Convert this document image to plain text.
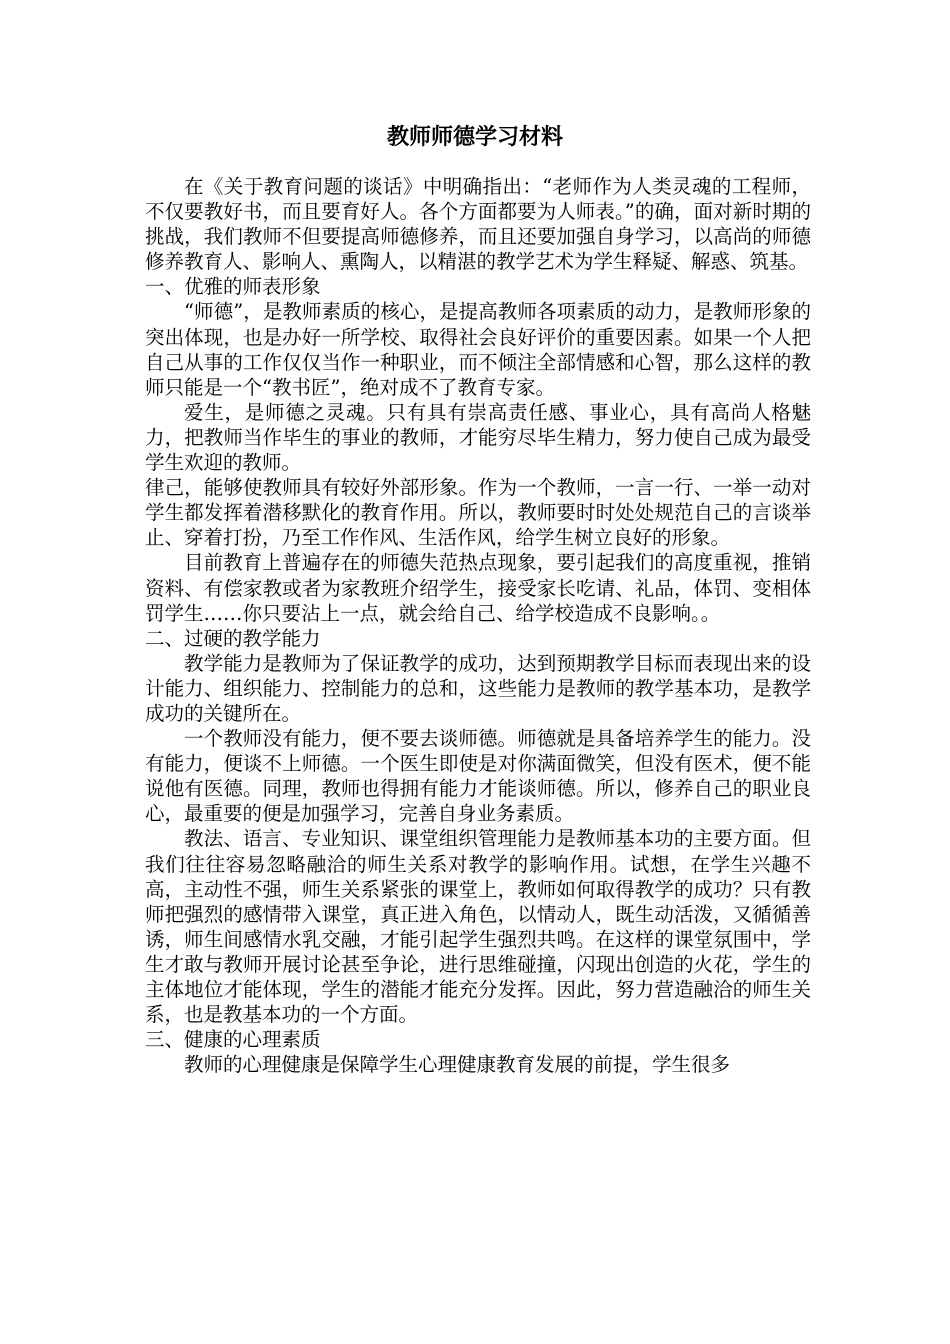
教师师德学习材料

在《关于教育问题的谈话》中明确指出：“老师作为人类灵魂的工程师，不仅要教好书，而且要育好人。各个方面都要为人师表。”的确，面对新时期的挑战，我们教师不但要提高师德修养，而且还要加强自身学习，以高尚的师德修养教育人、影响人、熏陶人，以精湛的教学艺术为学生释疑、解惑、筑基。

一、优雅的师表形象

“师德”，是教师素质的核心，是提高教师各项素质的动力，是教师形象的突出体现，也是办好一所学校、取得社会良好评价的重要因素。如果一个人把自己从事的工作仅仅当作一种职业，而不倾注全部情感和心智，那么这样的教师只能是一个“教书匠”，绝对成不了教育专家。

爱生，是师德之灵魂。只有具有崇高责任感、事业心，具有高尚人格魅力，把教师当作毕生的事业的教师，才能穷尽毕生精力，努力使自己成为最受学生欢迎的教师。

律己，能够使教师具有较好外部形象。作为一个教师，一言一行、一举一动对学生都发挥着潜移默化的教育作用。所以，教师要时时处处规范自己的言谈举止、穿着打扮，乃至工作作风、生活作风，给学生树立良好的形象。

目前教育上普遍存在的师德失范热点现象，要引起我们的高度重视，推销资料、有偿家教或者为家教班介绍学生，接受家长吃请、礼品，体罚、变相体罚学生……你只要沾上一点，就会给自己、给学校造成不良影响。。

二、过硬的教学能力

教学能力是教师为了保证教学的成功，达到预期教学目标而表现出来的设计能力、组织能力、控制能力的总和，这些能力是教师的教学基本功，是教学成功的关键所在。

一个教师没有能力，便不要去谈师德。师德就是具备培养学生的能力。没有能力，便谈不上师德。一个医生即使是对你满面微笑，但没有医术，便不能说他有医德。同理，教师也得拥有能力才能谈师德。所以，修养自己的职业良心，最重要的便是加强学习，完善自身业务素质。

教法、语言、专业知识、课堂组织管理能力是教师基本功的主要方面。但我们往往容易忽略融洽的师生关系对教学的影响作用。试想，在学生兴趣不高，主动性不强，师生关系紧张的课堂上，教师如何取得教学的成功？只有教师把强烈的感情带入课堂，真正进入角色，以情动人，既生动活泼，又循循善诱，师生间感情水乳交融，才能引起学生强烈共鸣。在这样的课堂氛围中，学生才敢与教师开展讨论甚至争论，进行思维碰撞，闪现出创造的火花，学生的主体地位才能体现，学生的潜能才能充分发挥。因此，努力营造融洽的师生关系，也是教基本功的一个方面。

三、健康的心理素质

教师的心理健康是保障学生心理健康教育发展的前提，学生很多
